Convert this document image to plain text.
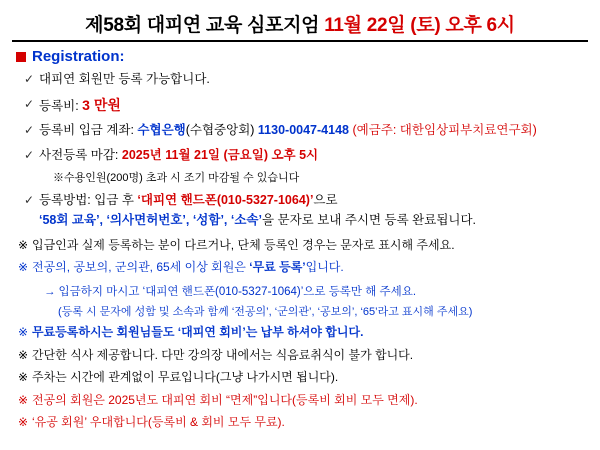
제58회 대피연 교육 심포지엄 11월 22일 (토) 오후 6시
Registration:
✓ 대피연 회원만 등록 가능합니다.
✓ 등록비: 3 만원
✓ 등록비 입금 계좌: 수협은행(수협중앙회) 1130-0047-4148 (예금주: 대한임상피부치료연구회)
✓ 사전등록 마감: 2025년 11월 21일 (금요일) 오후 5시
※수용인원(200명) 초과 시 조기 마감될 수 있습니다
✓ 등록방법: 입금 후 ‘대피연 핸드폰(010-5327-1064)’으로
‘58회 교육’, ‘의사면허번호’, ‘성함’, ‘소속’을 문자로 보내 주시면 등록 완료됩니다.
※ 입금인과 실제 등록하는 분이 다르거나, 단체 등록인 경우는 문자로 표시해 주세요.
※ 전공의, 공보의, 군의관, 65세 이상 회원은 ‘무료 등록’입니다.
→ 입금하지 마시고 ‘대피연 핸드폰(010-5327-1064)’으로 등록만 해 주세요.
(등록 시 문자에 성함 및 소속과 함께 ‘전공의’, ‘군의관’, ‘공보의’, ‘65’라고 표시해 주세요)
※ 무료등록하시는 회원님들도 ‘대피연 회비’는 납부 하셔야 합니다.
※ 간단한 식사 제공합니다. 다만 강의장 내에서는 식음료취식이 불가 합니다.
※ 주차는 시간에 관계없이 무료입니다(그냥 나가시면 됩니다).
※ 전공의 회원은 2025년도 대피연 회비 “면제”입니다(등록비 회비 모두 면제).
※ ‘유공 회원’ 우대합니다(등록비 & 회비 모두 무료).
